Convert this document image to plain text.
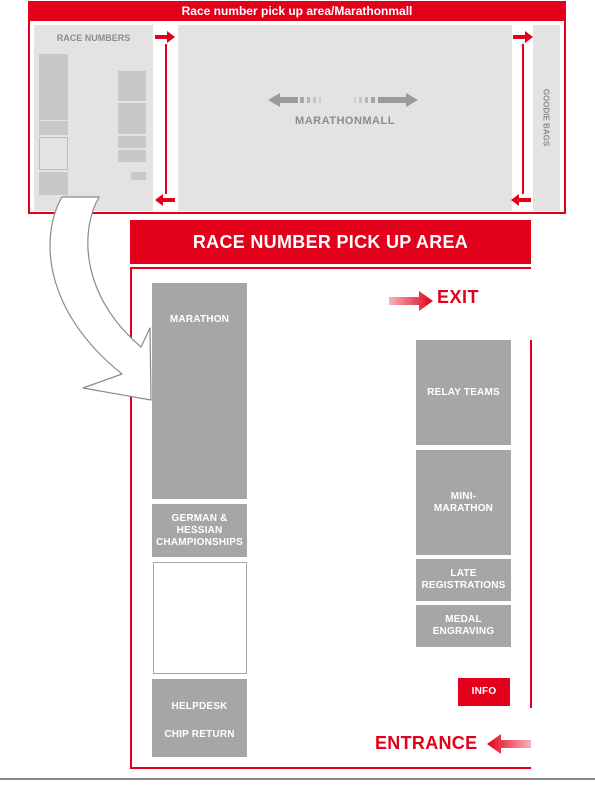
Race number pick up area/Marathonmall
RACE NUMBERS
MARATHONMALL	GOODIE BAGS
RACE NUMBER PICK UP AREA
MARATHON
GERMAN &
HESSIAN
CHAMPIONSHIPS
HELPDESK
CHIP RETURN
RELAY TEAMS
MINI-
MARATHON
LATE
REGISTRATIONS
MEDAL
ENGRAVING
INFO
EXIT
ENTRANCE
